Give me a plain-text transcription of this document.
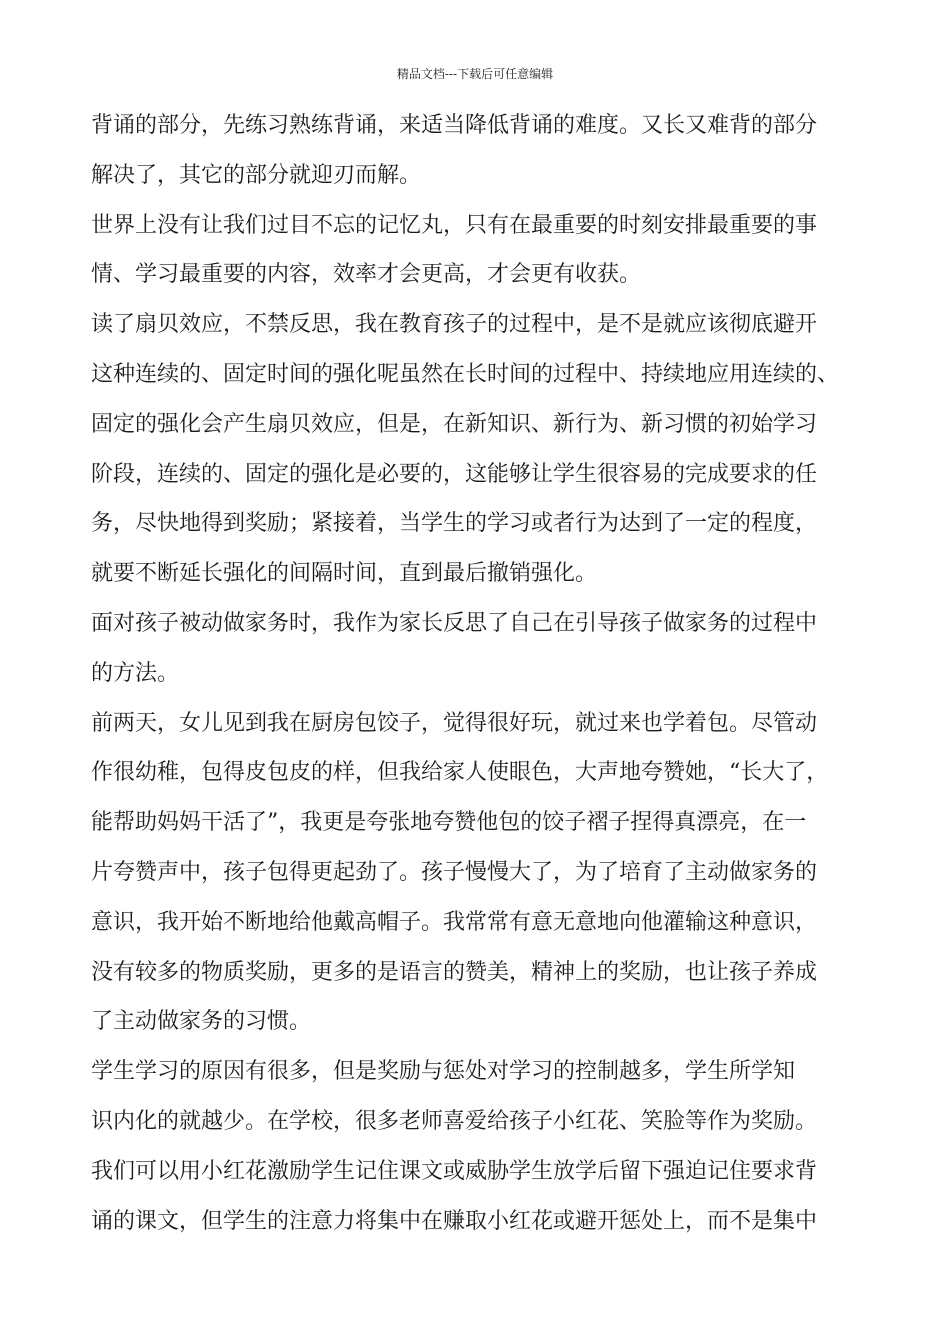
精品文档---下载后可任意编辑
背诵的部分，先练习熟练背诵，来适当降低背诵的难度。又长又难背的部分
解决了，其它的部分就迎刃而解。
世界上没有让我们过目不忘的记忆丸，只有在最重要的时刻安排最重要的事
情、学习最重要的内容，效率才会更高，才会更有收获。
读了扇贝效应，不禁反思，我在教育孩子的过程中，是不是就应该彻底避开
这种连续的、固定时间的强化呢虽然在长时间的过程中、持续地应用连续的、
固定的强化会产生扇贝效应，但是，在新知识、新行为、新习惯的初始学习
阶段，连续的、固定的强化是必要的，这能够让学生很容易的完成要求的任
务，尽快地得到奖励；紧接着，当学生的学习或者行为达到了一定的程度，
就要不断延长强化的间隔时间，直到最后撤销强化。
面对孩子被动做家务时，我作为家长反思了自己在引导孩子做家务的过程中
的方法。
前两天，女儿见到我在厨房包饺子，觉得很好玩，就过来也学着包。尽管动
作很幼稚，包得皮包皮的样，但我给家人使眼色，大声地夸赞她，“长大了，
能帮助妈妈干活了”，我更是夸张地夸赞他包的饺子褶子捏得真漂亮，在一
片夸赞声中，孩子包得更起劲了。孩子慢慢大了，为了培育了主动做家务的
意识，我开始不断地给他戴高帽子。我常常有意无意地向他灌输这种意识，
没有较多的物质奖励，更多的是语言的赞美，精神上的奖励，也让孩子养成
了主动做家务的习惯。
学生学习的原因有很多，但是奖励与惩处对学习的控制越多，学生所学知
识内化的就越少。在学校，很多老师喜爱给孩子小红花、笑脸等作为奖励。
我们可以用小红花激励学生记住课文或威胁学生放学后留下强迫记住要求背
诵的课文，但学生的注意力将集中在赚取小红花或避开惩处上，而不是集中
